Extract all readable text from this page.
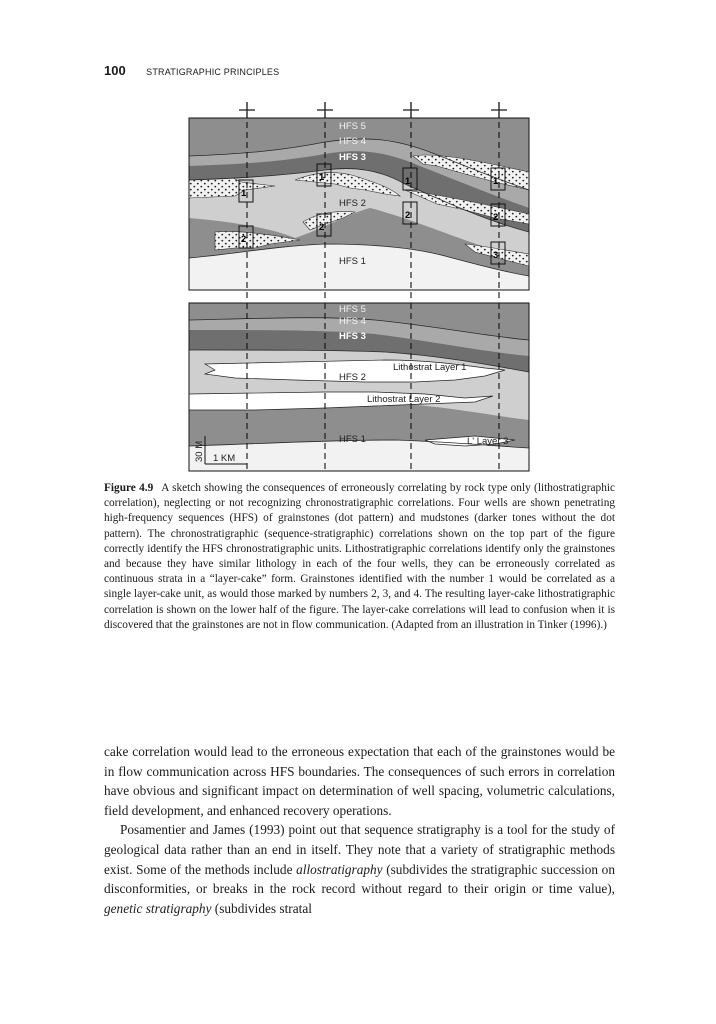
100 STRATIGRAPHIC PRINCIPLES
1
2
1
2
1
2
1
2
3
HFS 5
HFS 4
HFS 3
HFS 2
HFS 1
HFS 5
HFS 4
HFS 3
HFS 2
HFS 1
Lithostrat Layer 1
Lithostrat Layer 2
L' Layer 3
30 M 1 KM

Figure 4.9 A sketch showing the consequences of erroneously correlating by rock type only (lithostratigraphic correlation), neglecting or not recognizing chronostratigraphic correlations. Four wells are shown penetrating high-frequency sequences (HFS) of grainstones (dot pattern) and mudstones (darker tones without the dot pattern). The chronostratigraphic (sequence-stratigraphic) correlations shown on the top part of the figure correctly identify the HFS chronostratigraphic units. Lithostratigraphic correlations identify only the grainstones and because they have similar lithology in each of the four wells, they can be erroneously correlated as continuous strata in a “layer-cake” form. Grainstones identified with the number 1 would be correlated as a single layer-cake unit, as would those marked by numbers 2, 3, and 4. The resulting layer-cake lithostratigraphic correlation is shown on the lower half of the figure. The layer-cake correlations will lead to confusion when it is discovered that the grainstones are not in flow communication. (Adapted from an illustration in Tinker (1996).)

cake correlation would lead to the erroneous expectation that each of the grainstones would be in flow communication across HFS boundaries. The consequences of such errors in correlation have obvious and significant impact on determination of well spacing, volumetric calculations, field development, and enhanced recovery operations.

Posamentier and James (1993) point out that sequence stratigraphy is a tool for the study of geological data rather than an end in itself. They note that a variety of stratigraphic methods exist. Some of the methods include allostratigraphy (subdivides the stratigraphic succession on disconformities, or breaks in the rock record without regard to their origin or time value), genetic stratigraphy (subdivides stratal
